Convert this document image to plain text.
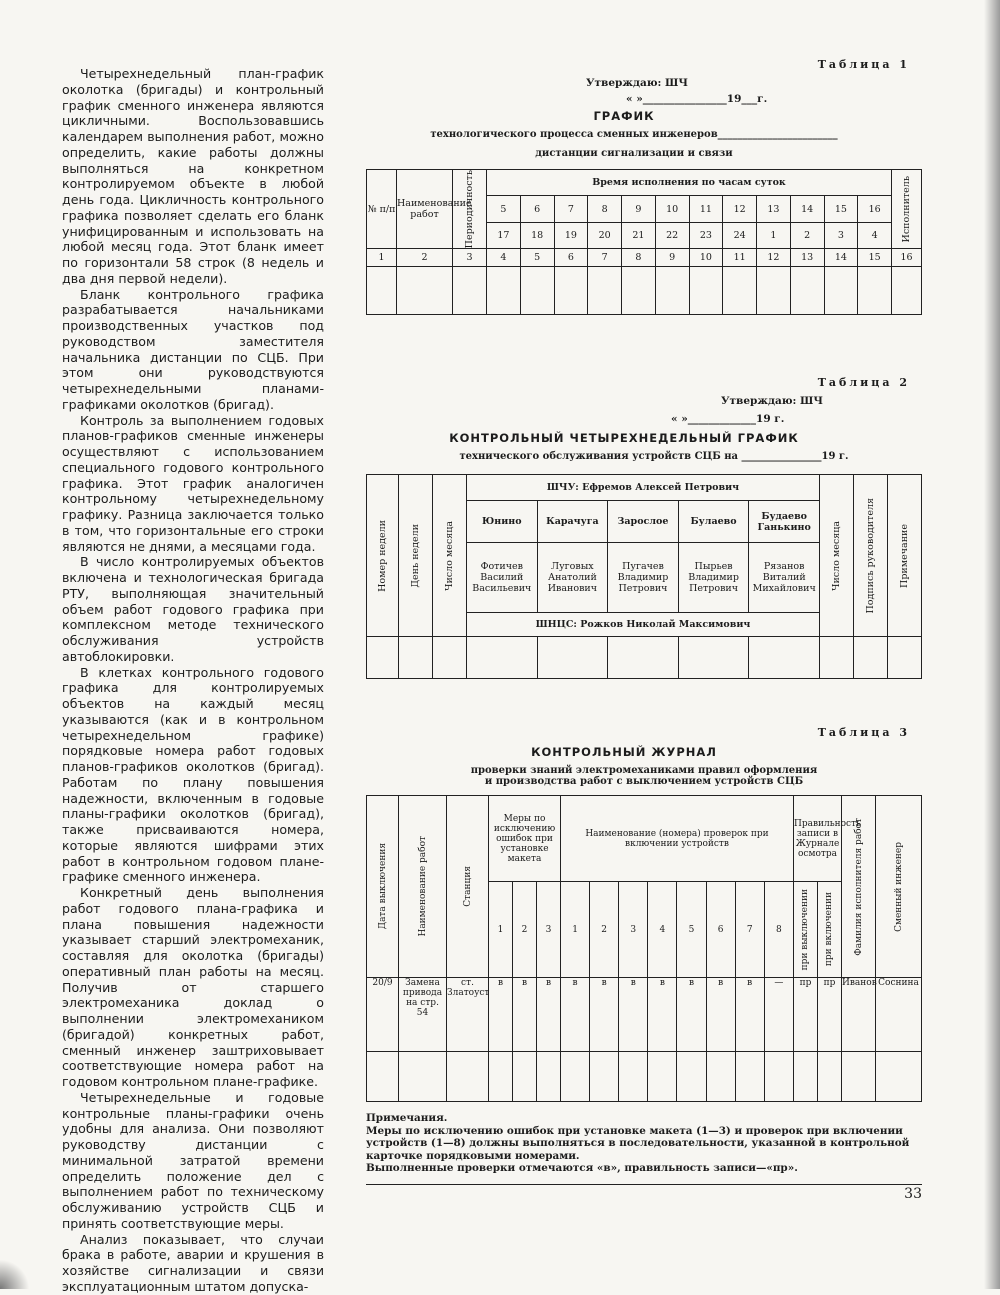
Четырехнедельный план-график околотка (бригады) и контрольный график сменного инженера являются цикличными. Воспользовавшись календарем выполнения работ, можно определить, какие работы должны выполняться на конкретном контролируемом объекте в любой день года. Цикличность контрольного графика позволяет сделать его бланк унифицированным и использовать на любой месяц года. Этот бланк имеет по горизонтали 58 строк (8 недель и два дня первой недели).

Бланк контрольного графика разрабатывается начальниками производственных участков под руководством заместителя начальника дистанции по СЦБ. При этом они руководствуются четырехнедельными планами-графиками околотков (бригад).

Контроль за выполнением годовых планов-графиков сменные инженеры осуществляют с использованием специального годового контрольного графика. Этот график аналогичен контрольному четырехнедельному графику. Разница заключается только в том, что горизонтальные его строки являются не днями, а месяцами года.

В число контролируемых объектов включена и технологическая бригада РТУ, выполняющая значительный объем работ годового графика при комплексном методе технического обслуживания устройств автоблокировки.

В клетках контрольного годового графика для контролируемых объектов на каждый месяц указываются (как и в контрольном четырехнедельном графике) порядковые номера работ годовых планов-графиков околотков (бригад). Работам по плану повышения надежности, включенным в годовые планы-графики околотков (бригад), также присваиваются номера, которые являются шифрами этих работ в контрольном годовом плане-графике сменного инженера.

Конкретный день выполнения работ годового плана-графика и плана повышения надежности указывает старший электромеханик, составляя для околотка (бригады) оперативный план работы на месяц. Получив от старшего электромеханика доклад о выполнении электромехаником (бригадой) конкретных работ, сменный инженер заштриховывает соответствующие номера работ на годовом контрольном плане-графике.

Четырехнедельные и годовые контрольные планы-графики очень удобны для анализа. Они позволяют руководству дистанции с минимальной затратой времени определить положение дел с выполнением работ по техническому обслуживанию устройств СЦБ и принять соответствующие меры.

Анализ показывает, что случаи брака в работе, аварии и крушения в хозяйстве сигнализации и связи эксплуатационным штатом допуска-

Таблица 1
Утверждаю: ШЧ
« »________________19___г.
ГРАФИК
технологического процесса сменных инженеров________________________
дистанции сигнализации и связи
№ п/п	Наименование работ	Периодичность	Время исполнения по часам суток												Исполнитель

			5	6	7	8	9	10	11	12	13	14	15	16	
			17	18	19	20	21	22	23	24	1	2	3	4	
1	2	3	4	5	6	7	8	9	10	11	12	13	14	15	16

Таблица 2
Утверждаю: ШЧ
« »_____________19 г.
КОНТРОЛЬНЫЙ ЧЕТЫРЕХНЕДЕЛЬНЫЙ ГРАФИК
технического обслуживания устройств СЦБ на ________________19 г.
Номер недели	День недели	Число месяца	ШЧУ: Ефремов Алексей Петрович					Число месяца	Подпись руководителя	Примечание

			Юнино	Карачуга	Зарослое	Булаево	Будаево Ганькино			
			Фотичев Василий Васильевич	Луговых Анатолий Иванович	Пугачев Владимир Петрович	Пырьев Владимир Петрович	Рязанов Виталий Михайлович			
			ШНЦС: Рожков Николай Максимович							

Таблица 3
КОНТРОЛЬНЫЙ ЖУРНАЛ
проверки знаний электромеханиками правил оформления
и производства работ с выключением устройств СЦБ
Дата выключения	Наименование работ	Станция	Меры по исключению ошибок при установке макета			Наименование (номера) проверок при включении устройств								Правильность записи в Журнале осмотра		Фамилия исполнителя работ	Сменный инженер

			1	2	3	1	2	3	4	5	6	7	8	при выключении	при включении		

20/9	Замена привода на стр. 54	ст. Златоуст	в	в	в	в	в	в	в	в	в	в	—	пр	пр	Иванов	Соснина

Примечания.
Меры по исключению ошибок при установке макета (1—3) и проверок при включении устройств (1—8) должны выполняться в последовательности, указанной в контрольной карточке порядковыми номерами.
Выполненные проверки отмечаются «в», правильность записи—«пр».
33
